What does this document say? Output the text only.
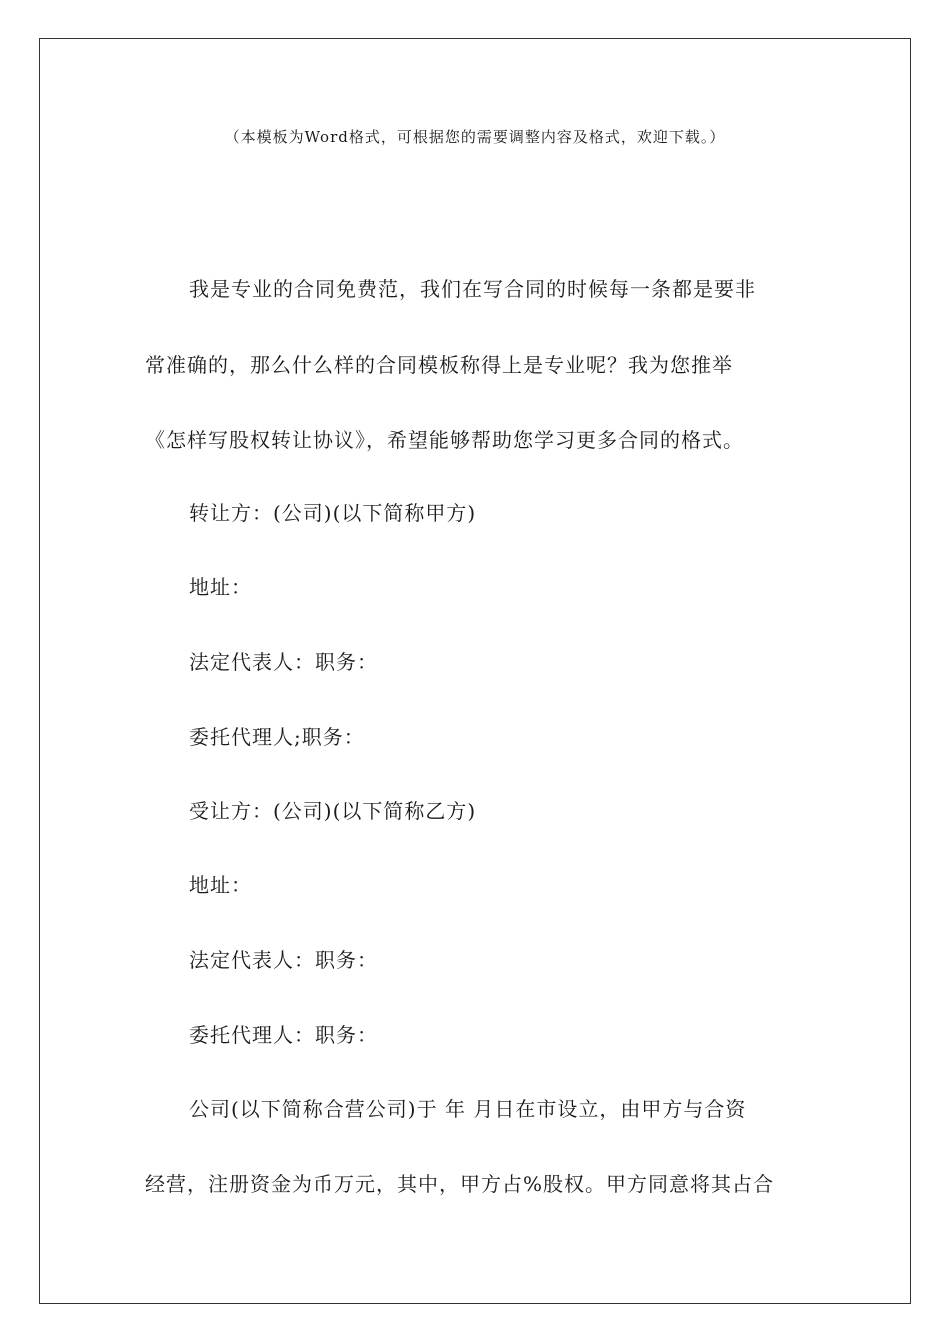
（本模板为Word格式，可根据您的需要调整内容及格式，欢迎下载。）
我是专业的合同免费范，我们在写合同的时候每一条都是要非
常准确的，那么什么样的合同模板称得上是专业呢？我为您推举
《怎样写股权转让协议》，希望能够帮助您学习更多合同的格式。
转让方：(公司)(以下简称甲方)
地址：
法定代表人：职务：
委托代理人;职务：
受让方：(公司)(以下简称乙方)
地址：
法定代表人：职务：
委托代理人：职务：
公司(以下简称合营公司)于 年 月日在市设立，由甲方与合资
经营，注册资金为币万元，其中，甲方占%股权。甲方同意将其占合
